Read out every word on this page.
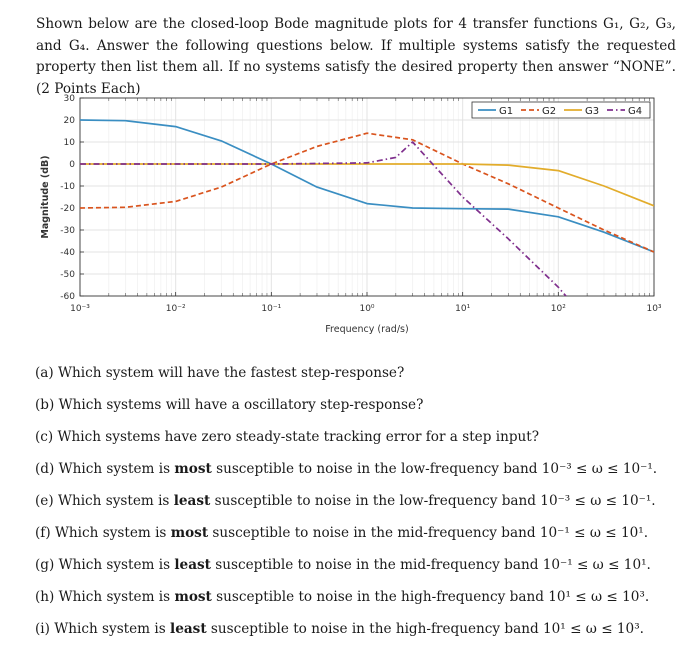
Shown below are the closed-loop Bode magnitude plots for 4 transfer functions G₁, G₂, G₃, and G₄. Answer the following questions below. If multiple systems satisfy the requested property then list them all. If no systems satisfy the desired property then answer “NONE”. (2 Points Each)
30
20
10
0
-10
-20
-30
-40
-50
-60
10⁻³	10⁻²	10⁻¹	10⁰	10¹	10²	10³
Frequency (rad/s)
Magnitude (dB)
G1	G2	G3	G4
(a) Which system will have the fastest step-response?
(b) Which systems will have a oscillatory step-response?
(c) Which systems have zero steady-state tracking error for a step input?
(d) Which system is most susceptible to noise in the low-frequency band 10⁻³ ≤ ω ≤ 10⁻¹.
(e) Which system is least susceptible to noise in the low-frequency band 10⁻³ ≤ ω ≤ 10⁻¹.
(f) Which system is most susceptible to noise in the mid-frequency band 10⁻¹ ≤ ω ≤ 10¹.
(g) Which system is least susceptible to noise in the mid-frequency band 10⁻¹ ≤ ω ≤ 10¹.
(h) Which system is most susceptible to noise in the high-frequency band 10¹ ≤ ω ≤ 10³.
(i) Which system is least susceptible to noise in the high-frequency band 10¹ ≤ ω ≤ 10³.
